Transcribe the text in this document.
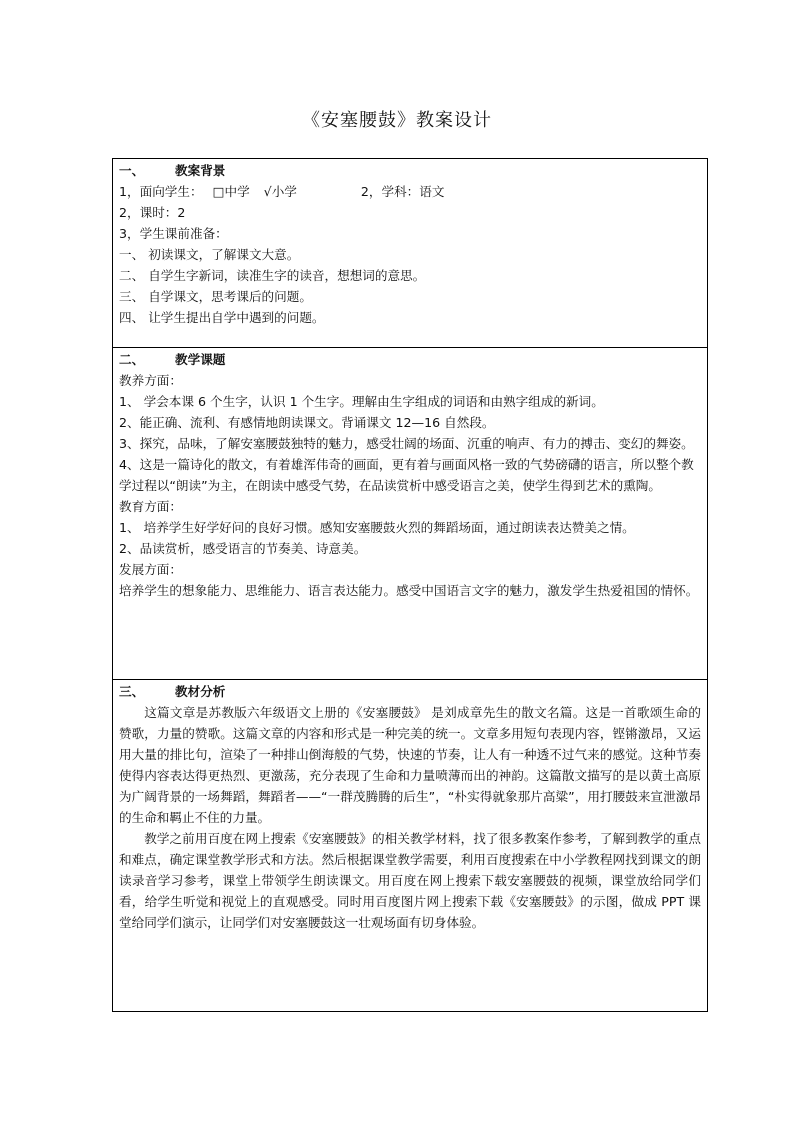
《安塞腰鼓》教案设计
一、	教案背景
1，面向学生： □中学 √小学	2，学科：语文
2，课时：2
3，学生课前准备：
一、 初读课文，了解课文大意。
二、 自学生字新词，读准生字的读音，想想词的意思。
三、 自学课文，思考课后的问题。
四、 让学生提出自学中遇到的问题。
二、	教学课题
教养方面：
1、 学会本课 6 个生字，认识 1 个生字。理解由生字组成的词语和由熟字组成的新词。
2、能正确、流利、有感情地朗读课文。背诵课文 12—16 自然段。
3、探究，品味，了解安塞腰鼓独特的魅力，感受壮阔的场面、沉重的响声、有力的搏击、变幻的舞姿。
4、这是一篇诗化的散文，有着雄浑伟奇的画面，更有着与画面风格一致的气势磅礴的语言，所以整个教学过程以“朗读”为主，在朗读中感受气势，在品读赏析中感受语言之美，使学生得到艺术的熏陶。
教育方面：
1、 培养学生好学好问的良好习惯。感知安塞腰鼓火烈的舞蹈场面，通过朗读表达赞美之情。
2、品读赏析，感受语言的节奏美、诗意美。
发展方面：
培养学生的想象能力、思维能力、语言表达能力。感受中国语言文字的魅力，激发学生热爱祖国的情怀。
三、	教材分析
这篇文章是苏教版六年级语文上册的《安塞腰鼓》 是刘成章先生的散文名篇。这是一首歌颂生命的赞歌，力量的赞歌。这篇文章的内容和形式是一种完美的统一。文章多用短句表现内容，铿锵激昂，又运用大量的排比句，渲染了一种排山倒海般的气势，快速的节奏，让人有一种透不过气来的感觉。这种节奏使得内容表达得更热烈、更激荡，充分表现了生命和力量喷薄而出的神韵。这篇散文描写的是以黄土高原为广阔背景的一场舞蹈，舞蹈者——“一群茂腾腾的后生”，“朴实得就象那片高粱”，用打腰鼓来宣泄激昂的生命和羁止不住的力量。
教学之前用百度在网上搜索《安塞腰鼓》的相关教学材料，找了很多教案作参考，了解到教学的重点和难点，确定课堂教学形式和方法。然后根据课堂教学需要，利用百度搜索在中小学教程网找到课文的朗读录音学习参考，课堂上带领学生朗读课文。用百度在网上搜索下载安塞腰鼓的视频，课堂放给同学们看，给学生听觉和视觉上的直观感受。同时用百度图片网上搜索下载《安塞腰鼓》的示图，做成 PPT 课堂给同学们演示，让同学们对安塞腰鼓这一壮观场面有切身体验。
